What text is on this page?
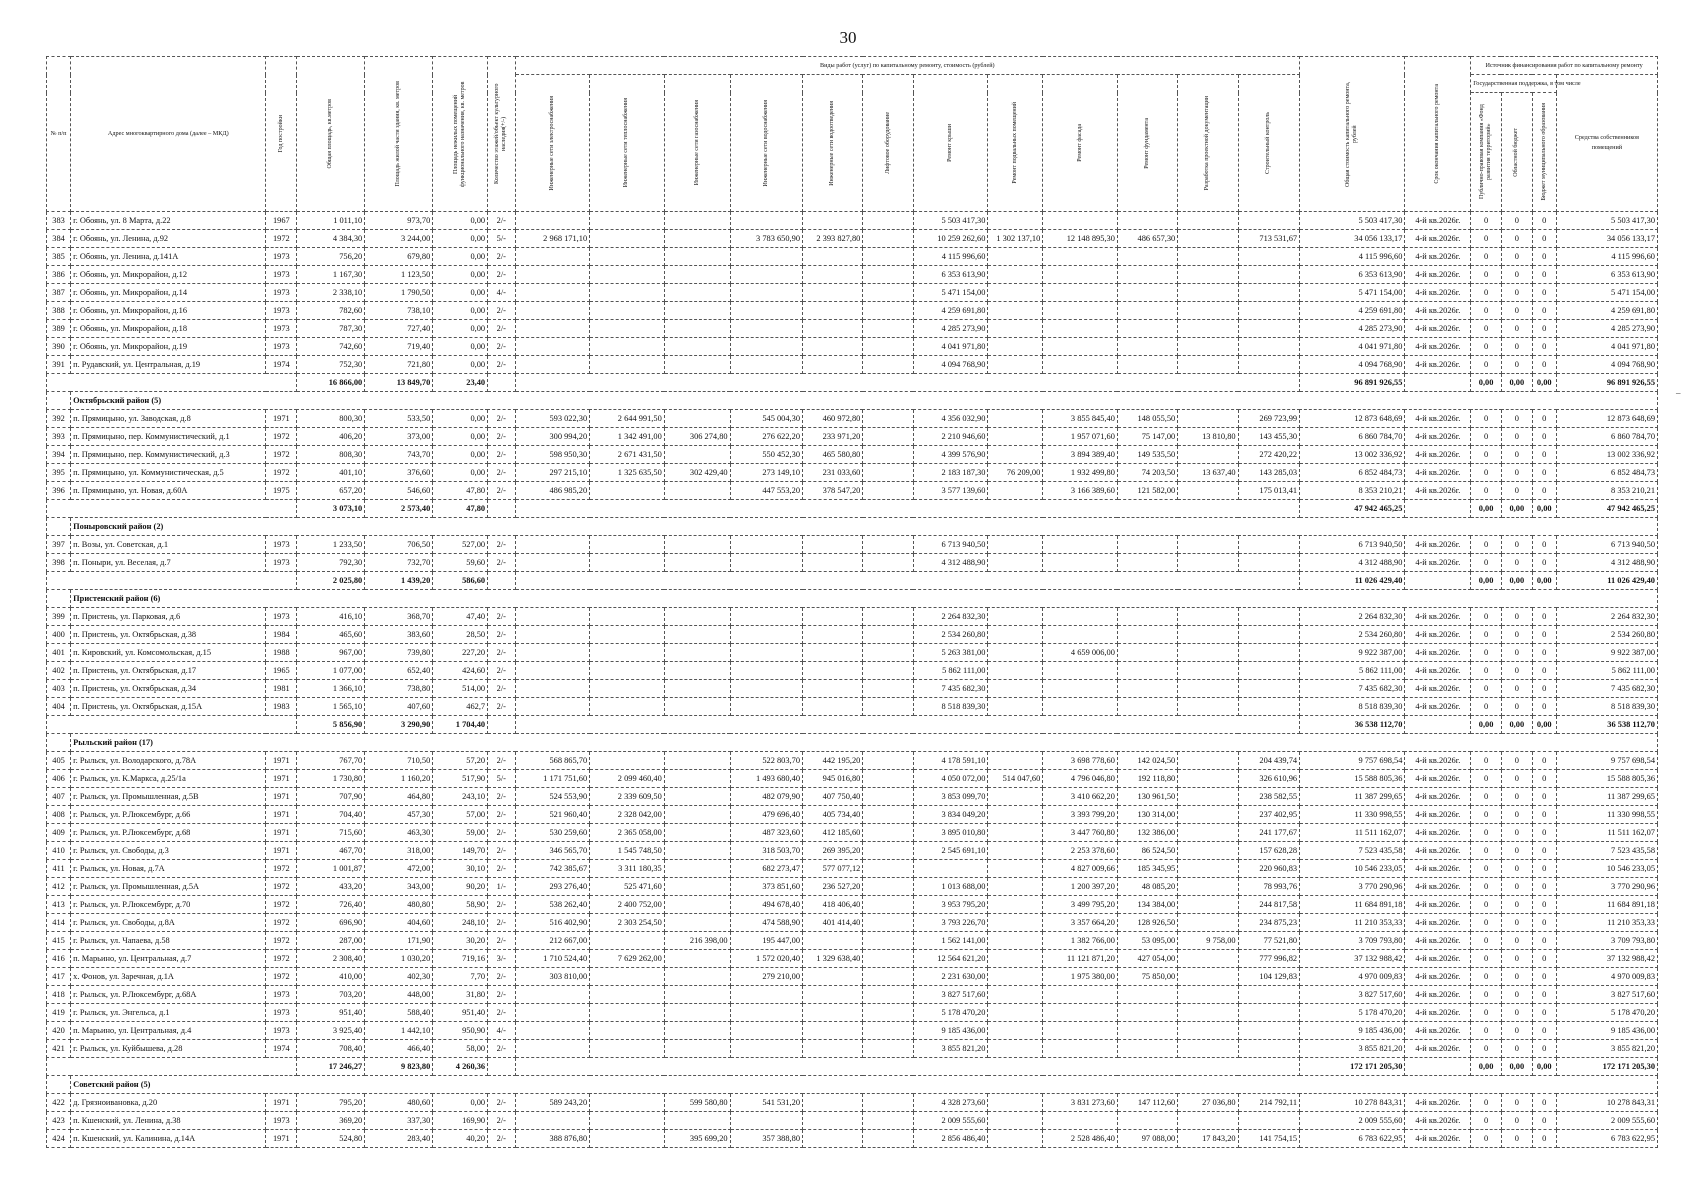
30
№ п/п	Адрес многоквартирного дома (далее – МКД)	Год постройки	Общая площадь, кв.метров	Площадь жилой части здания, кв. метров	Площадь нежилых помещений функционального назначения, кв. метров	Количество этажей/объект культурного наследия(+/-)	Виды работ (услуг) по капитальному ремонту, стоимость (рублей)												Общая стоимость капитального ремонта, рублей	Срок окончания капитального ремонта	Источник финансирования работ по капитальному ремонту			

							Инженерные сети электроснабжения	Инженерные сети теплоснабжения	Инженерные сети газоснабжения	Инженерные сети водоснабжения	Инженерные сети водоотведения	Лифтовое оборудование	Ремонт крыши	Ремонт подвальных помещений	Ремонт фасада	Ремонт фундамента	Разработка проектной документации	Строительный контроль			Государственная поддержка, в том числе			Средства собственников помещений

																					Публично-правовая компания «Фонд развития территорий»	Областной бюджет	Бюджет муниципального образования	

383	г. Обоянь, ул. 8 Марта, д.22	1967	1 011,10	973,70	0,00	2/-							5 503 417,30						5 503 417,30	4-й кв.2026г.	0	0	0	5 503 417,30
384	г. Обоянь, ул. Ленина, д.92	1972	4 384,30	3 244,00	0,00	5/-	2 968 171,10			3 783 650,90	2 393 827,80		10 259 262,60	1 302 137,10	12 148 895,30	486 657,30		713 531,67	34 056 133,17	4-й кв.2026г.	0	0	0	34 056 133,17
385	г. Обоянь, ул. Ленина, д.141А	1973	756,20	679,80	0,00	2/-							4 115 996,60						4 115 996,60	4-й кв.2026г.	0	0	0	4 115 996,60
386	г. Обоянь, ул. Микрорайон, д.12	1973	1 167,30	1 123,50	0,00	2/-							6 353 613,90						6 353 613,90	4-й кв.2026г.	0	0	0	6 353 613,90
387	г. Обоянь, ул. Микрорайон, д.14	1973	2 338,10	1 790,50	0,00	4/-							5 471 154,00						5 471 154,00	4-й кв.2026г.	0	0	0	5 471 154,00
388	г. Обоянь, ул. Микрорайон, д.16	1973	782,60	738,10	0,00	2/-							4 259 691,80						4 259 691,80	4-й кв.2026г.	0	0	0	4 259 691,80
389	г. Обоянь, ул. Микрорайон, д.18	1973	787,30	727,40	0,00	2/-							4 285 273,90						4 285 273,90	4-й кв.2026г.	0	0	0	4 285 273,90
390	г. Обоянь, ул. Микрорайон, д.19	1973	742,60	719,40	0,00	2/-							4 041 971,80						4 041 971,80	4-й кв.2026г.	0	0	0	4 041 971,80
391	п. Рудавский, ул. Центральная, д.19	1974	752,30	721,80	0,00	2/-							4 094 768,90						4 094 768,90	4-й кв.2026г.	0	0	0	4 094 768,90
			16 866,00	13 849,70	23,40														96 891 926,55		0,00	0,00	0,00	96 891 926,55
	Октябрьский район (5)																							
392	п. Прямицыно, ул. Заводская, д.8	1971	800,30	533,50	0,00	2/-	593 022,30	2 644 991,50		545 004,30	460 972,80		4 356 032,90		3 855 845,40	148 055,50		269 723,99	12 873 648,69	4-й кв.2026г.	0	0	0	12 873 648,69
393	п. Прямицыно, пер. Коммунистический, д.1	1972	406,20	373,00	0,00	2/-	300 994,20	1 342 491,00	306 274,80	276 622,20	233 971,20		2 210 946,60		1 957 071,60	75 147,00	13 810,80	143 455,30	6 860 784,70	4-й кв.2026г.	0	0	0	6 860 784,70
394	п. Прямицыно, пер. Коммунистический, д.3	1972	808,30	743,70	0,00	2/-	598 950,30	2 671 431,50		550 452,30	465 580,80		4 399 576,90		3 894 389,40	149 535,50		272 420,22	13 002 336,92	4-й кв.2026г.	0	0	0	13 002 336,92
395	п. Прямицыно, ул. Коммунистическая, д.5	1972	401,10	376,60	0,00	2/-	297 215,10	1 325 635,50	302 429,40	273 149,10	231 033,60		2 183 187,30	76 209,00	1 932 499,80	74 203,50	13 637,40	143 285,03	6 852 484,73	4-й кв.2026г.	0	0	0	6 852 484,73
396	п. Прямицыно, ул. Новая, д.60А	1975	657,20	546,60	47,80	2/-	486 985,20			447 553,20	378 547,20		3 577 139,60		3 166 389,60	121 582,00		175 013,41	8 353 210,21	4-й кв.2026г.	0	0	0	8 353 210,21
			3 073,10	2 573,40	47,80														47 942 465,25		0,00	0,00	0,00	47 942 465,25
	Поныровский район (2)																							
397	п. Возы, ул. Советская, д.1	1973	1 233,50	706,50	527,00	2/-							6 713 940,50						6 713 940,50	4-й кв.2026г.	0	0	0	6 713 940,50
398	п. Поныри, ул. Веселая, д.7	1973	792,30	732,70	59,60	2/-							4 312 488,90						4 312 488,90	4-й кв.2026г.	0	0	0	4 312 488,90
			2 025,80	1 439,20	586,60														11 026 429,40		0,00	0,00	0,00	11 026 429,40
	Пристенский район (6)																							
399	п. Пристень, ул. Парковая, д.6	1973	416,10	368,70	47,40	2/-							2 264 832,30						2 264 832,30	4-й кв.2026г.	0	0	0	2 264 832,30
400	п. Пристень, ул. Октябрьская, д.38	1984	465,60	383,60	28,50	2/-							2 534 260,80						2 534 260,80	4-й кв.2026г.	0	0	0	2 534 260,80
401	п. Кировский, ул. Комсомольская, д.15	1988	967,00	739,80	227,20	2/-							5 263 381,00		4 659 006,00				9 922 387,00	4-й кв.2026г.	0	0	0	9 922 387,00
402	п. Пристень, ул. Октябрьская, д.17	1965	1 077,00	652,40	424,60	2/-							5 862 111,00						5 862 111,00	4-й кв.2026г.	0	0	0	5 862 111,00
403	п. Пристень, ул. Октябрьская, д.34	1981	1 366,10	738,80	514,00	2/-							7 435 682,30						7 435 682,30	4-й кв.2026г.	0	0	0	7 435 682,30
404	п. Пристень, ул. Октябрьская, д.15А	1983	1 565,10	407,60	462,7	2/-							8 518 839,30						8 518 839,30	4-й кв.2026г.	0	0	0	8 518 839,30
			5 856,90	3 290,90	1 704,40														36 538 112,70		0,00	0,00	0,00	36 538 112,70
	Рыльский район (17)																							
405	г. Рыльск, ул. Володарского, д.78А	1971	767,70	710,50	57,20	2/-	568 865,70			522 803,70	442 195,20		4 178 591,10		3 698 778,60	142 024,50		204 439,74	9 757 698,54	4-й кв.2026г.	0	0	0	9 757 698,54
406	г. Рыльск, ул. К.Маркса, д.25/1а	1971	1 730,80	1 160,20	517,90	5/-	1 171 751,60	2 099 460,40		1 493 680,40	945 016,80		4 050 072,00	514 047,60	4 796 046,80	192 118,80		326 610,96	15 588 805,36	4-й кв.2026г.	0	0	0	15 588 805,36
407	г. Рыльск, ул. Промышленная, д.5В	1971	707,90	464,80	243,10	2/-	524 553,90	2 339 609,50		482 079,90	407 750,40		3 853 099,70		3 410 662,20	130 961,50		238 582,55	11 387 299,65	4-й кв.2026г.	0	0	0	11 387 299,65
408	г. Рыльск, ул. Р.Люксембург, д.66	1971	704,40	457,30	57,00	2/-	521 960,40	2 328 042,00		479 696,40	405 734,40		3 834 049,20		3 393 799,20	130 314,00		237 402,95	11 330 998,55	4-й кв.2026г.	0	0	0	11 330 998,55
409	г. Рыльск, ул. Р.Люксембург, д.68	1971	715,60	463,30	59,00	2/-	530 259,60	2 365 058,00		487 323,60	412 185,60		3 895 010,80		3 447 760,80	132 386,00		241 177,67	11 511 162,07	4-й кв.2026г.	0	0	0	11 511 162,07
410	г. Рыльск, ул. Свободы, д.3	1971	467,70	318,00	149,70	2/-	346 565,70	1 545 748,50		318 503,70	269 395,20		2 545 691,10		2 253 378,60	86 524,50		157 628,28	7 523 435,58	4-й кв.2026г.	0	0	0	7 523 435,58
411	г. Рыльск, ул. Новая, д.7А	1972	1 001,87	472,00	30,10	2/-	742 385,67	3 311 180,35		682 273,47	577 077,12				4 827 009,66	185 345,95		220 960,83	10 546 233,05	4-й кв.2026г.	0	0	0	10 546 233,05
412	г. Рыльск, ул. Промышленная, д.5А	1972	433,20	343,00	90,20	1/-	293 276,40	525 471,60		373 851,60	236 527,20		1 013 688,00		1 200 397,20	48 085,20		78 993,76	3 770 290,96	4-й кв.2026г.	0	0	0	3 770 290,96
413	г. Рыльск, ул. Р.Люксембург, д.70	1972	726,40	480,80	58,90	2/-	538 262,40	2 400 752,00		494 678,40	418 406,40		3 953 795,20		3 499 795,20	134 384,00		244 817,58	11 684 891,18	4-й кв.2026г.	0	0	0	11 684 891,18
414	г. Рыльск, ул. Свободы, д.8А	1972	696,90	404,60	248,10	2/-	516 402,90	2 303 254,50		474 588,90	401 414,40		3 793 226,70		3 357 664,20	128 926,50		234 875,23	11 210 353,33	4-й кв.2026г.	0	0	0	11 210 353,33
415	г. Рыльск, ул. Чапаева, д.58	1972	287,00	171,90	30,20	2/-	212 667,00		216 398,00	195 447,00			1 562 141,00		1 382 766,00	53 095,00	9 758,00	77 521,80	3 709 793,80	4-й кв.2026г.	0	0	0	3 709 793,80
416	п. Марьино, ул. Центральная, д.7	1972	2 308,40	1 030,20	719,16	3/-	1 710 524,40	7 629 262,00		1 572 020,40	1 329 638,40		12 564 621,20		11 121 871,20	427 054,00		777 996,82	37 132 988,42	4-й кв.2026г.	0	0	0	37 132 988,42
417	х. Фонов, ул. Заречная, д.1А	1972	410,00	402,30	7,70	2/-	303 810,00			279 210,00			2 231 630,00		1 975 380,00	75 850,00		104 129,83	4 970 009,83	4-й кв.2026г.	0	0	0	4 970 009,83
418	г. Рыльск, ул. Р.Люксембург, д.68А	1973	703,20	448,00	31,80	2/-							3 827 517,60						3 827 517,60	4-й кв.2026г.	0	0	0	3 827 517,60
419	г. Рыльск, ул. Энгельса, д.1	1973	951,40	588,40	951,40	2/-							5 178 470,20						5 178 470,20	4-й кв.2026г.	0	0	0	5 178 470,20
420	п. Марьино, ул. Центральная, д.4	1973	3 925,40	1 442,10	950,90	4/-							9 185 436,00						9 185 436,00	4-й кв.2026г.	0	0	0	9 185 436,00
421	г. Рыльск, ул. Куйбышева, д.28	1974	708,40	466,40	58,00	2/-							3 855 821,20						3 855 821,20	4-й кв.2026г.	0	0	0	3 855 821,20
			17 246,27	9 823,80	4 260,36														172 171 205,30		0,00	0,00	0,00	172 171 205,30
	Советский район (5)																							
422	д. Грязноивановка, д.20	1971	795,20	480,60	0,00	2/-	589 243,20		599 580,80	541 531,20			4 328 273,60		3 831 273,60	147 112,60	27 036,80	214 792,11	10 278 843,31	4-й кв.2026г.	0	0	0	10 278 843,31
423	п. Кшенский, ул. Ленина, д.38	1973	369,20	337,30	169,90	2/-							2 009 555,60						2 009 555,60	4-й кв.2026г.	0	0	0	2 009 555,60
424	п. Кшенский, ул. Калинина, д.14А	1971	524,80	283,40	40,20	2/-	388 876,80		395 699,20	357 388,80			2 856 486,40		2 528 486,40	97 088,00	17 843,20	141 754,15	6 783 622,95	4-й кв.2026г.	0	0	0	6 783 622,95
–
